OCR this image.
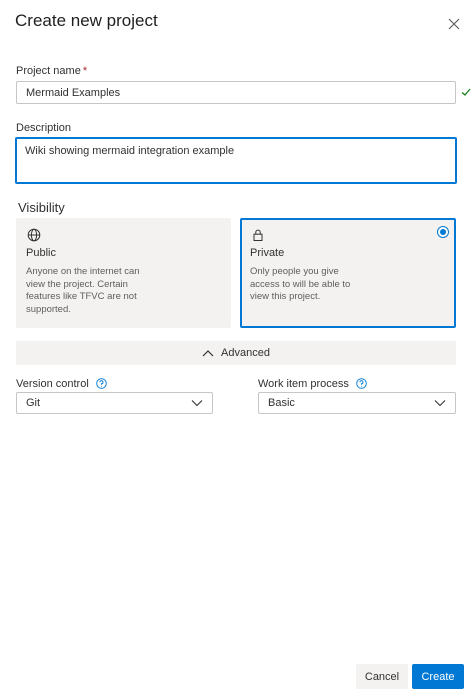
Create new project
Project name *
Mermaid Examples
Description
Wiki showing mermaid integration example
Visibility
Public
Anyone on the internet can view the project. Certain features like TFVC are not supported.
Private
Only people you give access to will be able to view this project.
Advanced
Version control
Git
Work item process
Basic
Cancel	Create
